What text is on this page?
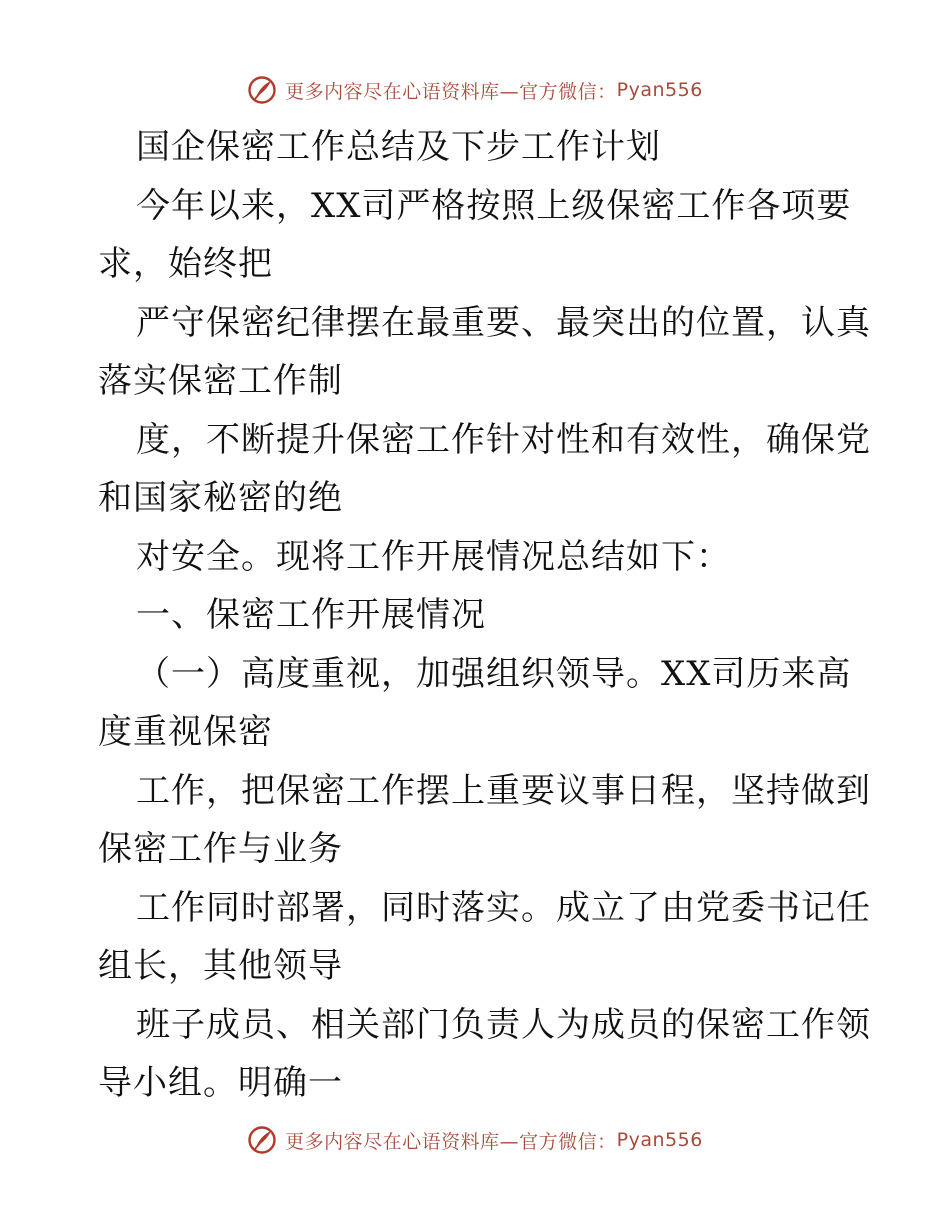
更多内容尽在心语资料库—官方微信： Pyan556
国企保密工作总结及下步工作计划
今年以来，XX司严格按照上级保密工作各项要
求，始终把
严守保密纪律摆在最重要、最突出的位置，认真
落实保密工作制
度，不断提升保密工作针对性和有效性，确保党
和国家秘密的绝
对安全。现将工作开展情况总结如下：
一、保密工作开展情况
（一）高度重视，加强组织领导。XX司历来高
度重视保密
工作，把保密工作摆上重要议事日程，坚持做到
保密工作与业务
工作同时部署，同时落实。成立了由党委书记任
组长，其他领导
班子成员、相关部门负责人为成员的保密工作领
导小组。明确一
更多内容尽在心语资料库—官方微信： Pyan556
